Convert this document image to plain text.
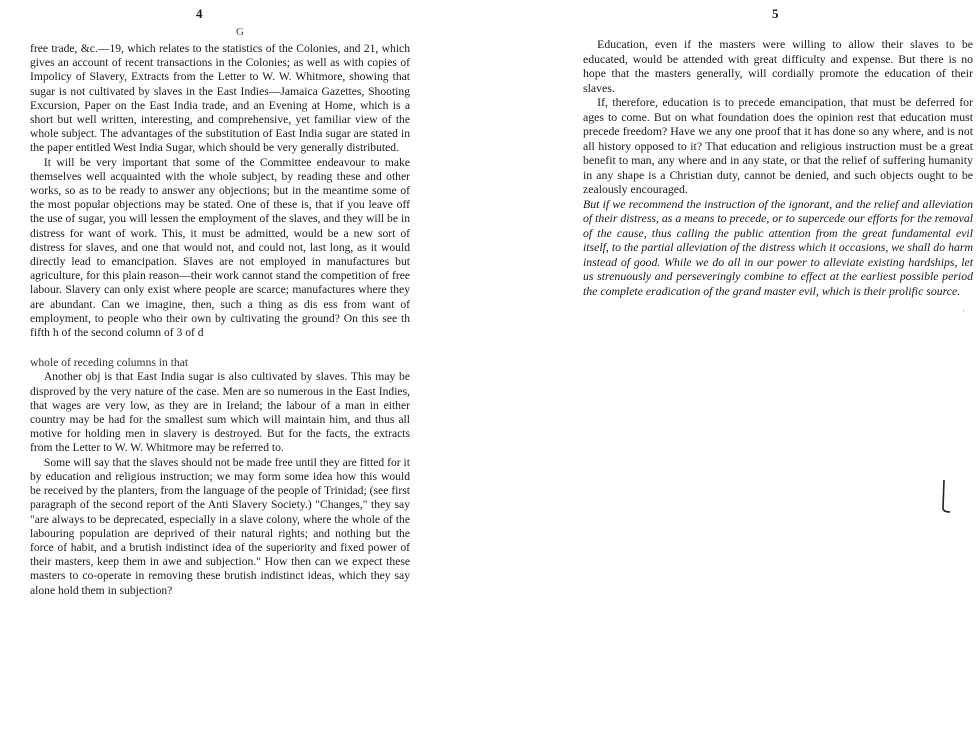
4
G

free trade, &c.—19, which relates to the statistics of the Colonies, and 21, which gives an account of recent transactions in the Colonies; as well as with copies of Impolicy of Slavery, Extracts from the Letter to W. W. Whitmore, showing that sugar is not cultivated by slaves in the East Indies—Jamaica Gazettes, Shooting Excursion, Paper on the East India trade, and an Evening at Home, which is a short but well written, interesting, and comprehensive, yet familiar view of the whole subject. The advantages of the substitution of East India sugar are stated in the paper entitled West India Sugar, which should be very generally distributed.

It will be very important that some of the Committee endeavour to make themselves well acquainted with the whole subject, by reading these and other works, so as to be ready to answer any objections; but in the meantime some of the most popular objections may be stated. One of these is, that if you leave off the use of sugar, you will lessen the employment of the slaves, and they will be in distress for want of work. This, it must be admitted, would be a new sort of distress for slaves, and one that would not, and could not, last long, as it would directly lead to emancipation. Slaves are not employed in manufactures but agriculture, for this plain reason—their work cannot stand the competition of free labour. Slavery can only exist where people are scarce; manufactures where they are abundant. Can we imagine, then, such a thing as dis ess from want of employment, to people who their own by cultivating the ground? On this see th fifth h of the second column of 3 of d

whole of receding columns in that

Another obj is that East India sugar is also cultivated by slaves. This may be disproved by the very nature of the case. Men are so numerous in the East Indies, that wages are very low, as they are in Ireland; the labour of a man in either country may be had for the smallest sum which will maintain him, and thus all motive for holding men in slavery is destroyed. But for the facts, the extracts from the Letter to W. W. Whitmore may be referred to.

Some will say that the slaves should not be made free until they are fitted for it by education and religious instruction; we may form some idea how this would be received by the planters, from the language of the people of Trinidad; (see first paragraph of the second report of the Anti Slavery Society.) "Changes," they say "are always to be deprecated, especially in a slave colony, where the whole of the labouring population are deprived of their natural rights; and nothing but the force of habit, and a brutish indistinct idea of the superiority and fixed power of their masters, keep them in awe and subjection." How then can we expect these masters to co-operate in removing these brutish indistinct ideas, which they say alone hold them in subjection?

5

Education, even if the masters were willing to allow their slaves to be educated, would be attended with great difficulty and expense. But there is no hope that the masters generally, will cordially promote the education of their slaves.

If, therefore, education is to precede emancipation, that must be deferred for ages to come. But on what foundation does the opinion rest that education must precede freedom? Have we any one proof that it has done so any where, and is not all history opposed to it? That education and religious instruction must be a great benefit to man, any where and in any state, or that the relief of suffering humanity in any shape is a Christian duty, cannot be denied, and such objects ought to be zealously encouraged.

But if we recommend the instruction of the ignorant, and the relief and alleviation of their distress, as a means to precede, or to supercede our efforts for the removal of the cause, thus calling the public attention from the great fundamental evil itself, to the partial alleviation of the distress which it occasions, we shall do harm instead of good. While we do all in our power to alleviate existing hardships, let us strenuously and perseveringly combine to effect at the earliest possible period the complete eradication of the grand master evil, which is their prolific source.

·
